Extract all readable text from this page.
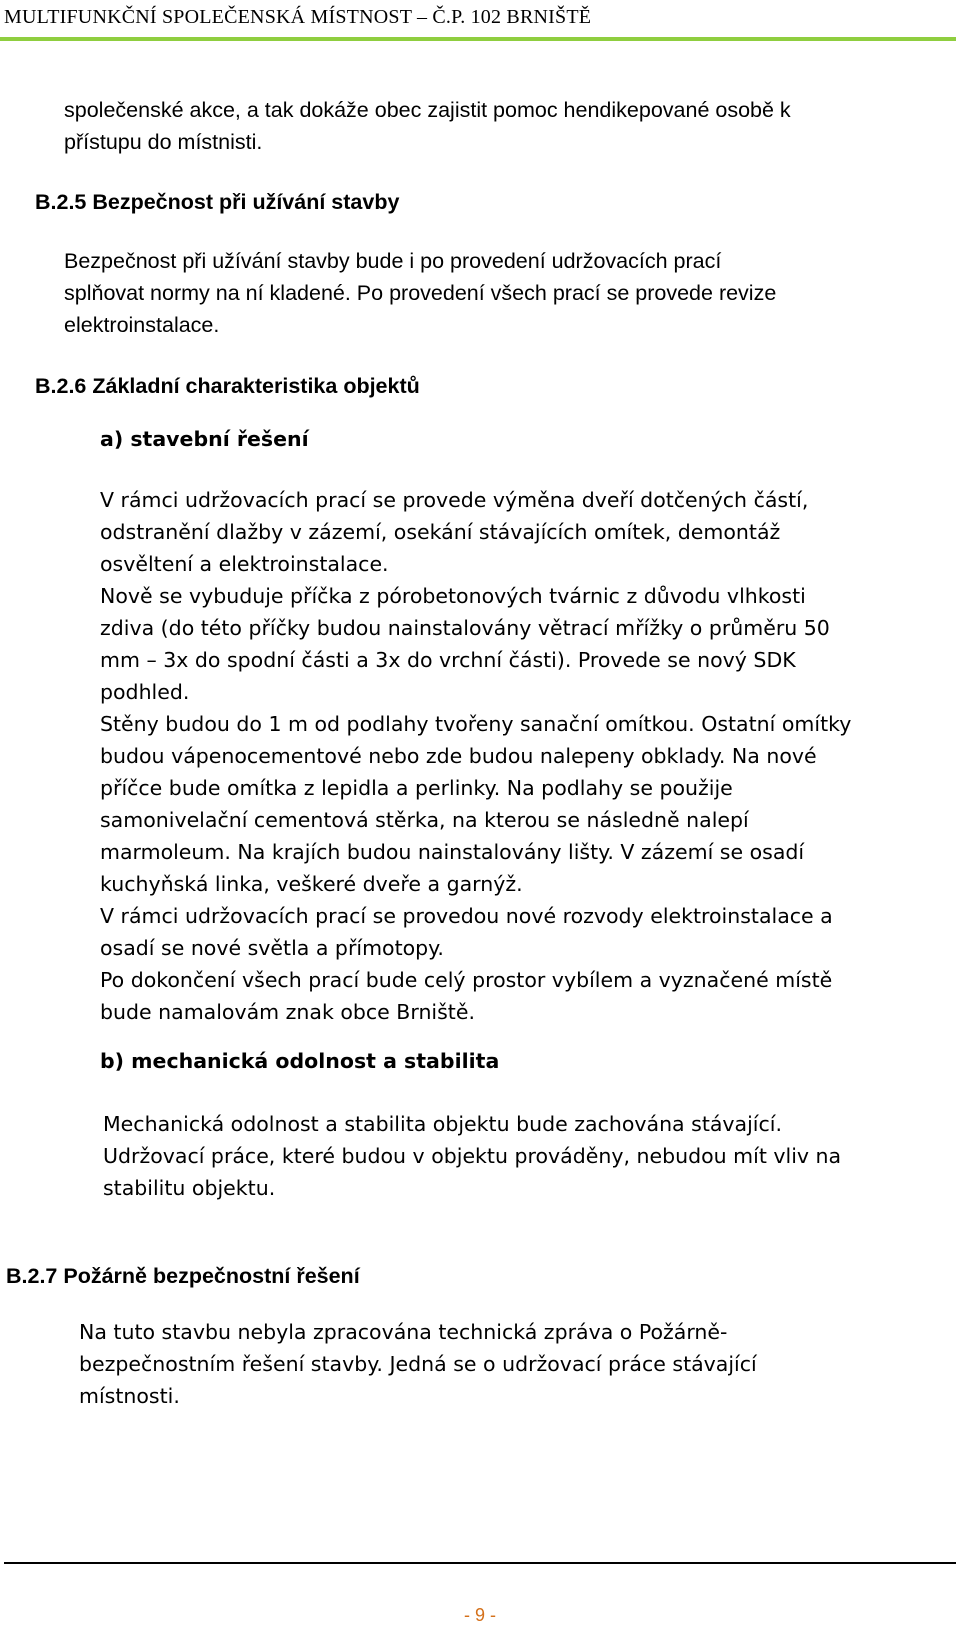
MULTIFUNKČNÍ SPOLEČENSKÁ MÍSTNOST – Č.P. 102 BRNIŠTĚ
společenské akce, a tak dokáže obec zajistit pomoc hendikepované osobě k
přístupu do místnisti.
B.2.5 Bezpečnost při užívání stavby
Bezpečnost při užívání stavby bude i po provedení udržovacích prací
splňovat normy na ní kladené. Po provedení všech prací se provede revize
elektroinstalace.
B.2.6 Základní charakteristika objektů
a) stavební řešení
V rámci udržovacích prací se provede výměna dveří dotčených částí,
odstranění dlažby v zázemí, osekání stávajících omítek, demontáž
osvěltení a elektroinstalace.
Nově se vybuduje příčka z pórobetonových tvárnic z důvodu vlhkosti
zdiva (do této příčky budou nainstalovány větrací mřížky o průměru 50
mm – 3x do spodní části a 3x do vrchní části). Provede se nový SDK
podhled.
Stěny budou do 1 m od podlahy tvořeny sanační omítkou. Ostatní omítky
budou vápenocementové nebo zde budou nalepeny obklady. Na nové
příčce bude omítka z lepidla a perlinky. Na podlahy se použije
samonivelační cementová stěrka, na kterou se následně nalepí
marmoleum. Na krajích budou nainstalovány lišty. V zázemí se osadí
kuchyňská linka, veškeré dveře a garnýž.
V rámci udržovacích prací se provedou nové rozvody elektroinstalace a
osadí se nové světla a přímotopy.
Po dokončení všech prací bude celý prostor vybílem a vyznačené místě
bude namalovám znak obce Brniště.
b) mechanická odolnost a stabilita
Mechanická odolnost a stabilita objektu bude zachována stávající.
Udržovací práce, které budou v objektu prováděny, nebudou mít vliv na
stabilitu objektu.
B.2.7 Požárně bezpečnostní řešení
Na tuto stavbu nebyla zpracována technická zpráva o Požárně-
bezpečnostním řešení stavby. Jedná se o udržovací práce stávající
místnosti.
- 9 -
